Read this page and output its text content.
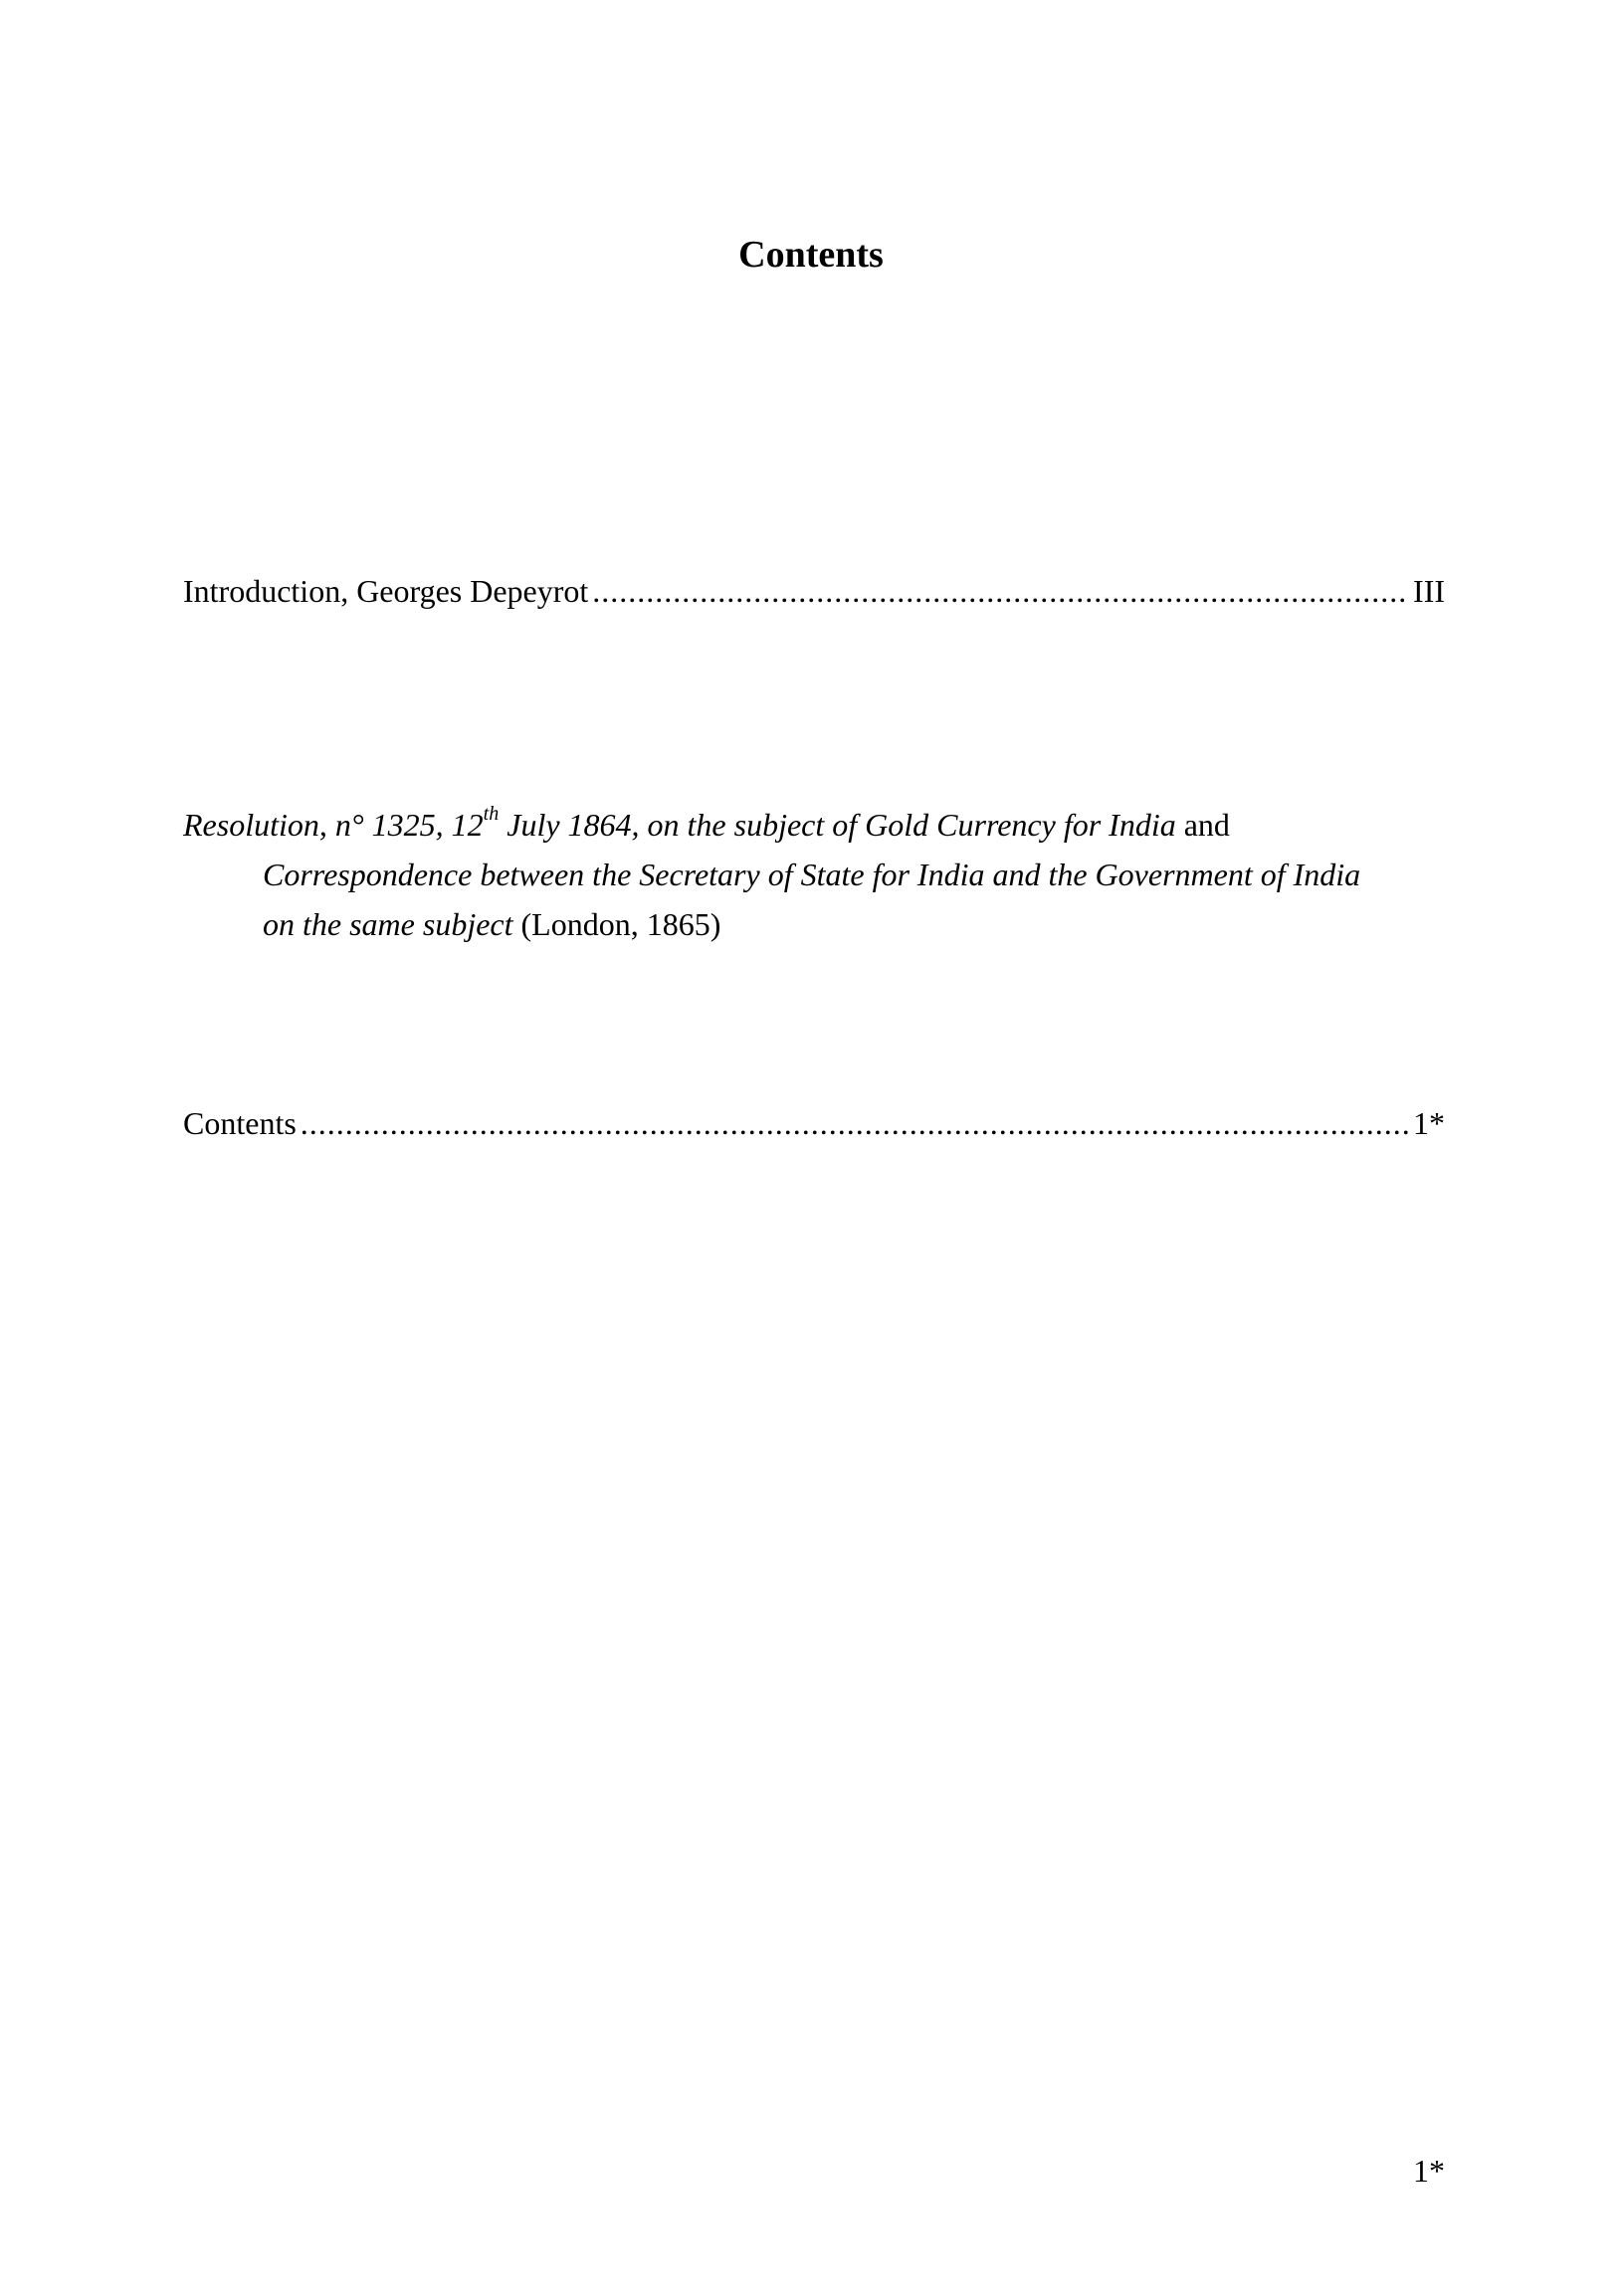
Contents
Introduction, Georges Depeyrot .....	III
Resolution, n° 1325, 12th July 1864, on the subject of Gold Currency for India and
Correspondence between the Secretary of State for India and the Government of India
on the same subject (London, 1865)
Contents .....	1*
1*
